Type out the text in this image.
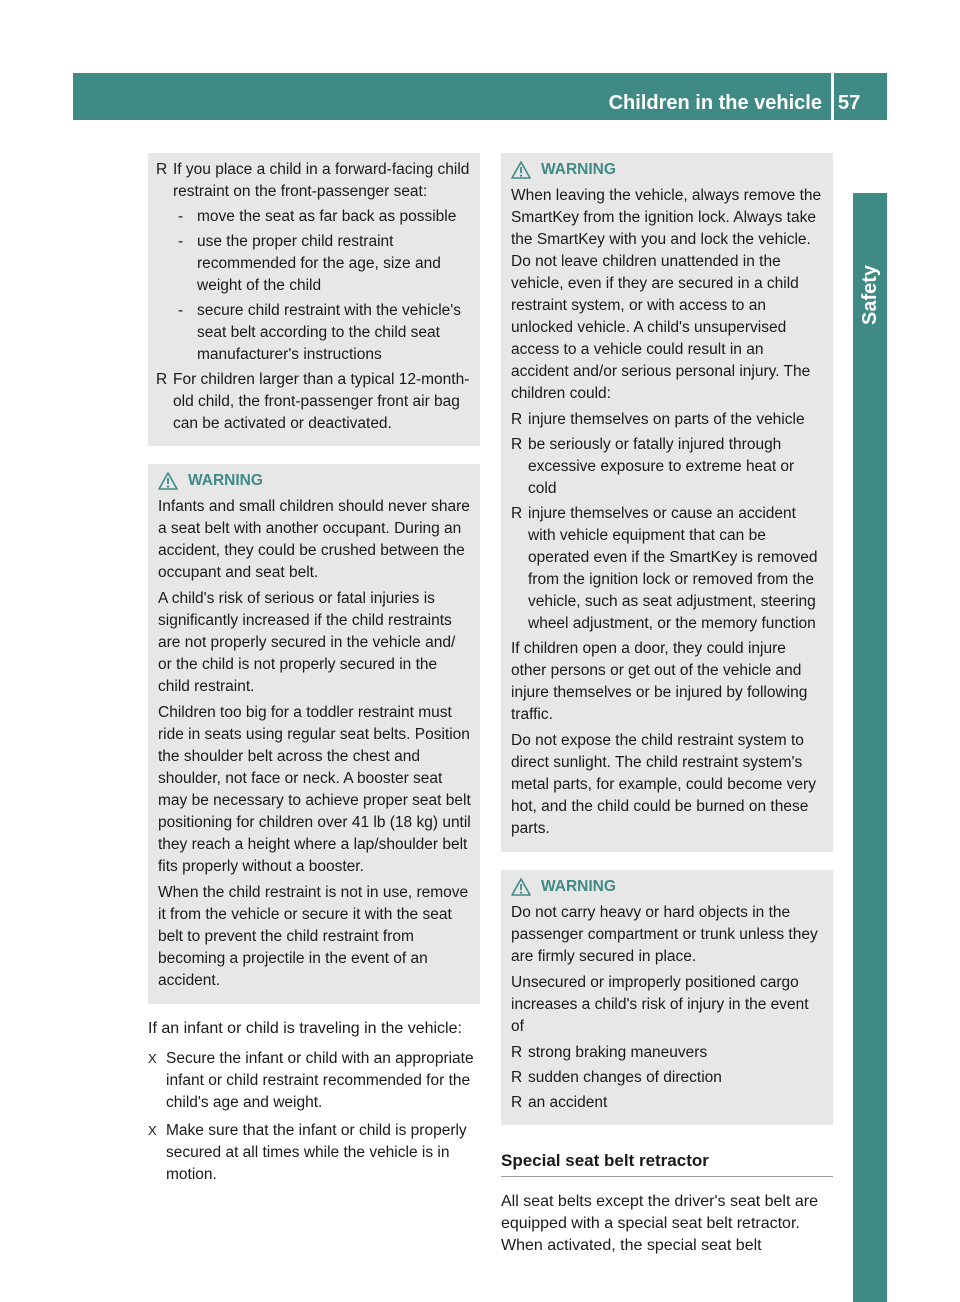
Children in the vehicle 57
Safety
R If you place a child in a forward-facing child restraint on the front-passenger seat:
- move the seat as far back as possible
- use the proper child restraint recommended for the age, size and weight of the child
- secure child restraint with the vehicle's seat belt according to the child seat manufacturer's instructions
R For children larger than a typical 12-month-old child, the front-passenger front air bag can be activated or deactivated.
WARNING

Infants and small children should never share a seat belt with another occupant. During an accident, they could be crushed between the occupant and seat belt.

A child's risk of serious or fatal injuries is significantly increased if the child restraints are not properly secured in the vehicle and/ or the child is not properly secured in the child restraint.

Children too big for a toddler restraint must ride in seats using regular seat belts. Position the shoulder belt across the chest and shoulder, not face or neck. A booster seat may be necessary to achieve proper seat belt positioning for children over 41 lb (18 kg) until they reach a height where a lap/shoulder belt fits properly without a booster.

When the child restraint is not in use, remove it from the vehicle or secure it with the seat belt to prevent the child restraint from becoming a projectile in the event of an accident.

If an infant or child is traveling in the vehicle:

X Secure the infant or child with an appropriate infant or child restraint recommended for the child's age and weight.
X Make sure that the infant or child is properly secured at all times while the vehicle is in motion.
WARNING

When leaving the vehicle, always remove the SmartKey from the ignition lock. Always take the SmartKey with you and lock the vehicle. Do not leave children unattended in the vehicle, even if they are secured in a child restraint system, or with access to an unlocked vehicle. A child's unsupervised access to a vehicle could result in an accident and/or serious personal injury. The children could:

R injure themselves on parts of the vehicle
R be seriously or fatally injured through excessive exposure to extreme heat or cold
R injure themselves or cause an accident with vehicle equipment that can be operated even if the SmartKey is removed from the ignition lock or removed from the vehicle, such as seat adjustment, steering wheel adjustment, or the memory function

If children open a door, they could injure other persons or get out of the vehicle and injure themselves or be injured by following traffic.

Do not expose the child restraint system to direct sunlight. The child restraint system's metal parts, for example, could become very hot, and the child could be burned on these parts.

WARNING

Do not carry heavy or hard objects in the passenger compartment or trunk unless they are firmly secured in place.

Unsecured or improperly positioned cargo increases a child's risk of injury in the event of

R strong braking maneuvers
R sudden changes of direction
R an accident
Special seat belt retractor

All seat belts except the driver's seat belt are equipped with a special seat belt retractor. When activated, the special seat belt
